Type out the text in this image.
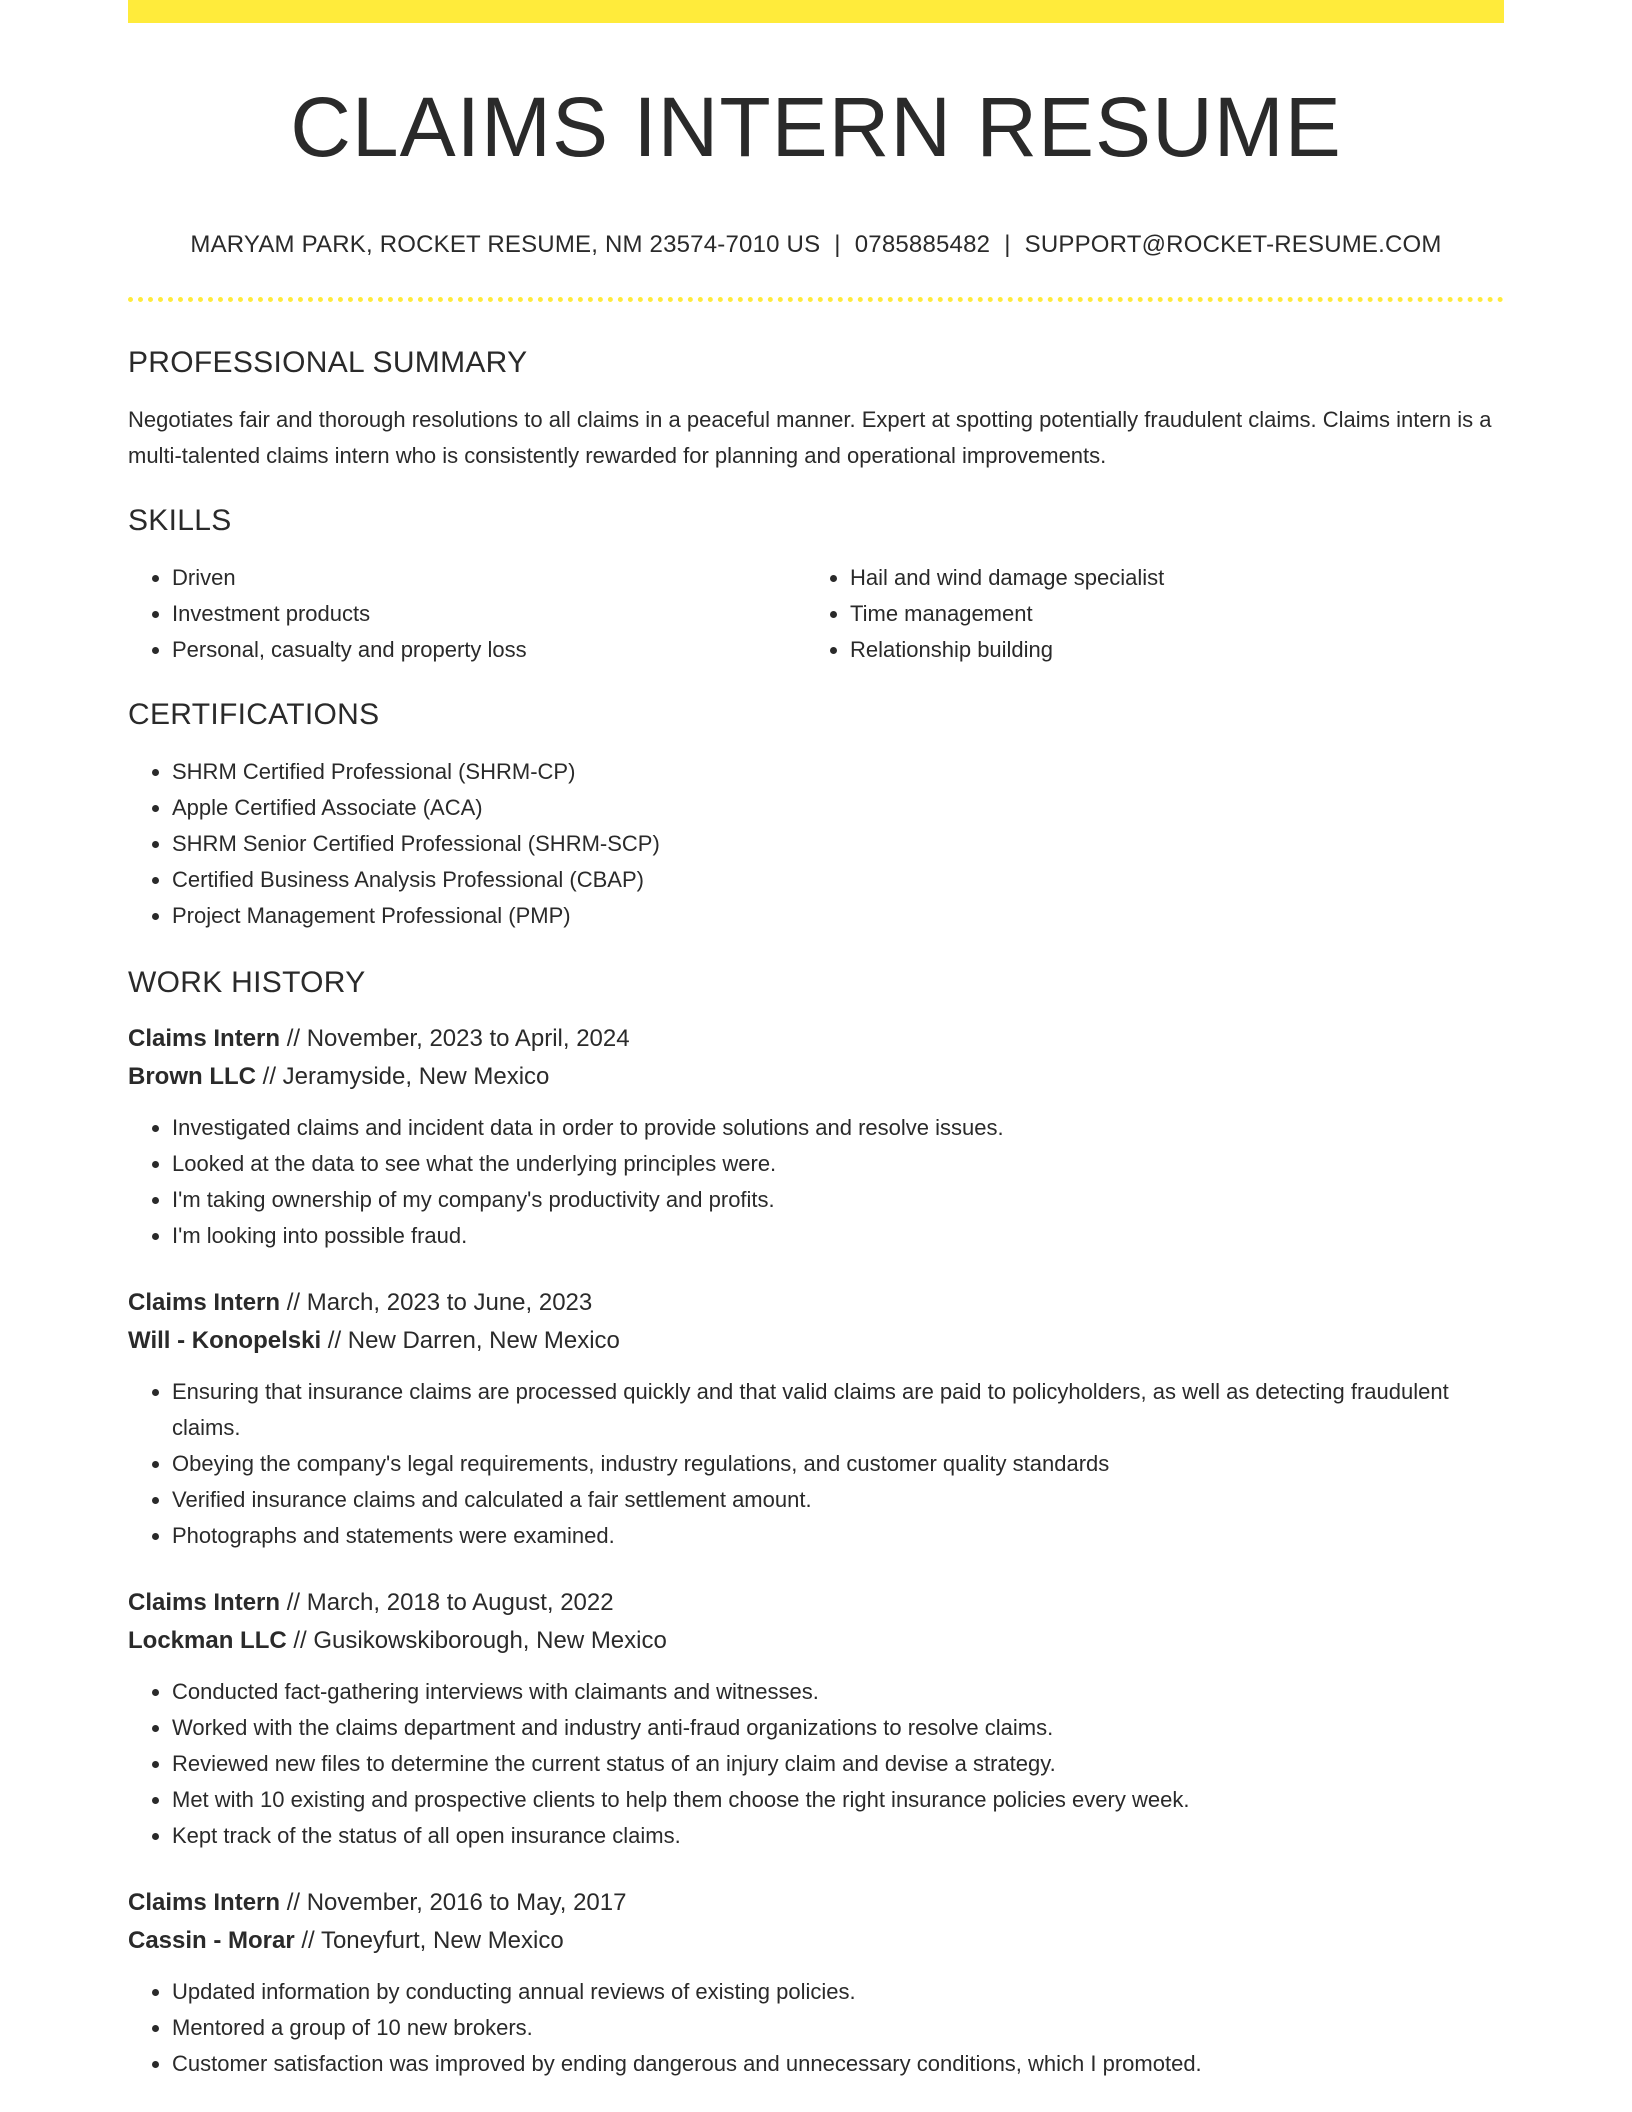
CLAIMS INTERN RESUME
MARYAM PARK, ROCKET RESUME, NM 23574-7010 US | 0785885482 | SUPPORT@ROCKET-RESUME.COM
PROFESSIONAL SUMMARY

Negotiates fair and thorough resolutions to all claims in a peaceful manner. Expert at spotting potentially fraudulent claims. Claims intern is a multi-talented claims intern who is consistently rewarded for planning and operational improvements.

SKILLS
• Driven
• Investment products
• Personal, casualty and property loss
• Hail and wind damage specialist
• Time management
• Relationship building
CERTIFICATIONS
• SHRM Certified Professional (SHRM-CP)
• Apple Certified Associate (ACA)
• SHRM Senior Certified Professional (SHRM-SCP)
• Certified Business Analysis Professional (CBAP)
• Project Management Professional (PMP)
WORK HISTORY
Claims Intern // November, 2023 to April, 2024
Brown LLC // Jeramyside, New Mexico
• Investigated claims and incident data in order to provide solutions and resolve issues.
• Looked at the data to see what the underlying principles were.
• I'm taking ownership of my company's productivity and profits.
• I'm looking into possible fraud.
Claims Intern // March, 2023 to June, 2023
Will - Konopelski // New Darren, New Mexico
• Ensuring that insurance claims are processed quickly and that valid claims are paid to policyholders, as well as detecting fraudulent claims.
• Obeying the company's legal requirements, industry regulations, and customer quality standards
• Verified insurance claims and calculated a fair settlement amount.
• Photographs and statements were examined.
Claims Intern // March, 2018 to August, 2022
Lockman LLC // Gusikowskiborough, New Mexico
• Conducted fact-gathering interviews with claimants and witnesses.
• Worked with the claims department and industry anti-fraud organizations to resolve claims.
• Reviewed new files to determine the current status of an injury claim and devise a strategy.
• Met with 10 existing and prospective clients to help them choose the right insurance policies every week.
• Kept track of the status of all open insurance claims.
Claims Intern // November, 2016 to May, 2017
Cassin - Morar // Toneyfurt, New Mexico
• Updated information by conducting annual reviews of existing policies.
• Mentored a group of 10 new brokers.
• Customer satisfaction was improved by ending dangerous and unnecessary conditions, which I promoted.
